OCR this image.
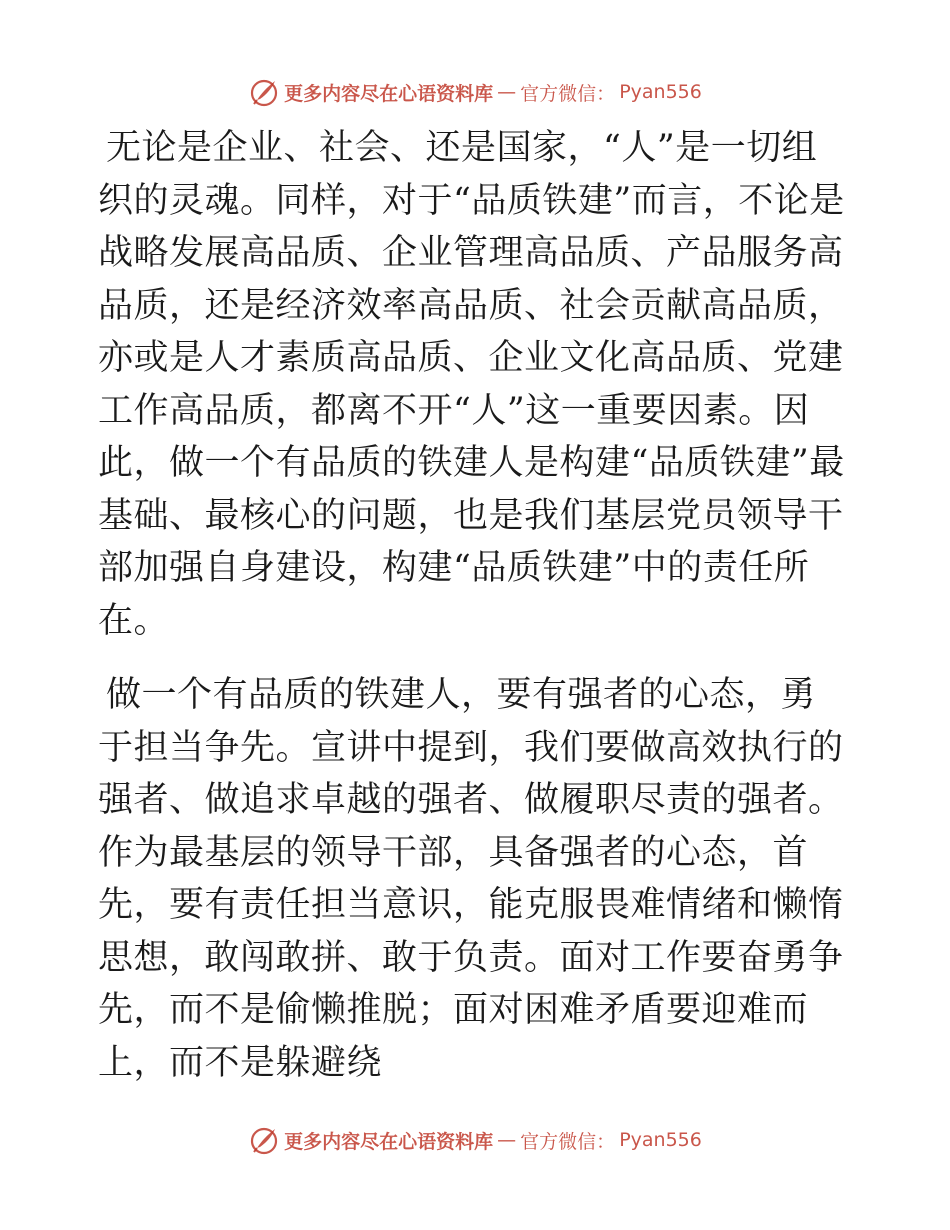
更多内容尽在心语资料库 — 官方微信： Pyan556

无论是企业、社会、还是国家，“人”是一切组织的灵魂。同样，对于“品质铁建”而言，不论是战略发展高品质、企业管理高品质、产品服务高品质，还是经济效率高品质、社会贡献高品质，亦或是人才素质高品质、企业文化高品质、党建工作高品质，都离不开“人”这一重要因素。因此，做一个有品质的铁建人是构建“品质铁建”最基础、最核心的问题，也是我们基层党员领导干部加强自身建设，构建“品质铁建”中的责任所在。

做一个有品质的铁建人，要有强者的心态，勇于担当争先。宣讲中提到，我们要做高效执行的强者、做追求卓越的强者、做履职尽责的强者。作为最基层的领导干部，具备强者的心态，首先，要有责任担当意识，能克服畏难情绪和懒惰思想，敢闯敢拼、敢于负责。面对工作要奋勇争先，而不是偷懒推脱；面对困难矛盾要迎难而上，而不是躲避绕

更多内容尽在心语资料库 — 官方微信： Pyan556
